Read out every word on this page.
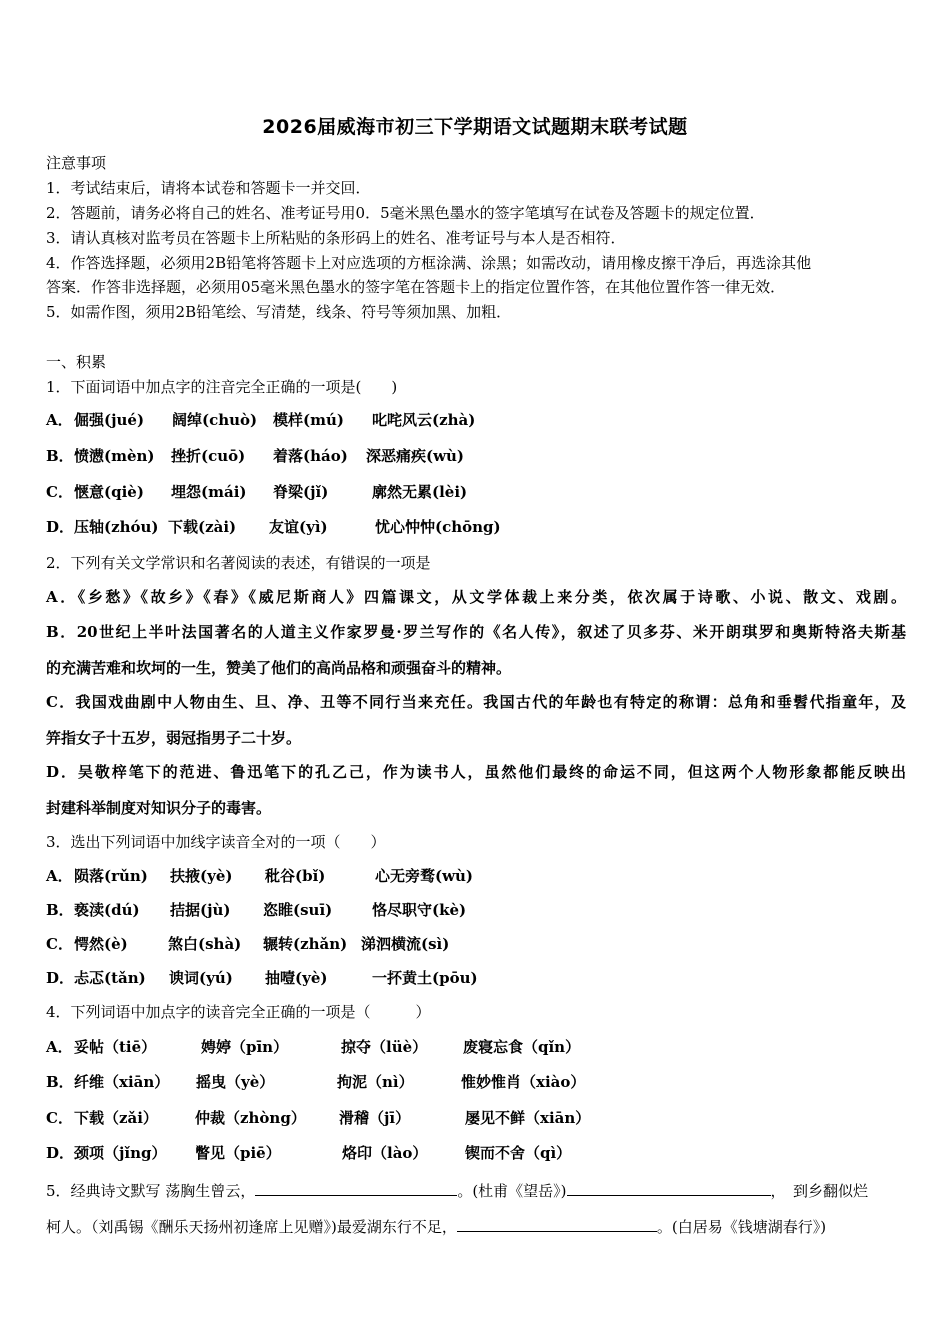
2026届威海市初三下学期语文试题期末联考试题
注意事项
1．考试结束后，请将本试卷和答题卡一并交回．
2．答题前，请务必将自己的姓名、准考证号用0．5毫米黑色墨水的签字笔填写在试卷及答题卡的规定位置．
3．请认真核对监考员在答题卡上所粘贴的条形码上的姓名、准考证号与本人是否相符．
4．作答选择题，必须用2B铅笔将答题卡上对应选项的方框涂满、涂黑；如需改动，请用橡皮擦干净后，再选涂其他
答案．作答非选择题，必须用05毫米黑色墨水的签字笔在答题卡上的指定位置作答，在其他位置作答一律无效．
5．如需作图，须用2B铅笔绘、写清楚，线条、符号等须加黑、加粗．
一、积累
1．下面词语中加点字的注音完全正确的一项是(　　)
A．倔强(jué) 阔绰(chuò) 模样(mú) 叱咤风云(zhà)
B．愤懑(mèn) 挫折(cuō) 着落(háo) 深恶痛疾(wù)
C．惬意(qiè) 埋怨(mái) 脊梁(jǐ)	廓然无累(lèi)
D．压轴(zhóu) 下载(zài) 友谊(yì)	忧心忡忡(chōng)
2．下列有关文学常识和名著阅读的表述，有错误的一项是
A．《乡愁》《故乡》《春》《威尼斯商人》四篇课文，从文学体裁上来分类，依次属于诗歌、小说、散文、戏剧。
B．20世纪上半叶法国著名的人道主义作家罗曼·罗兰写作的《名人传》，叙述了贝多芬、米开朗琪罗和奥斯特洛夫斯基
的充满苦难和坎坷的一生，赞美了他们的高尚品格和顽强奋斗的精神。
C．我国戏曲剧中人物由生、旦、净、丑等不同行当来充任。我国古代的年龄也有特定的称谓：总角和垂髫代指童年，及
笄指女子十五岁，弱冠指男子二十岁。
D．吴敬梓笔下的范进、鲁迅笔下的孔乙己，作为读书人，虽然他们最终的命运不同，但这两个人物形象都能反映出
封建科举制度对知识分子的毒害。
3．选出下列词语中加线字读音全对的一项（　　）
A．陨落(rǔn) 扶掖(yè) 秕谷(bǐ)	心无旁骛(wù)
B．亵渎(dú) 拮据(jù) 恣睢(suī)	恪尽职守(kè)
C．愕然(è)	煞白(shà) 辗转(zhǎn) 涕泗横流(sì)
D．忐忑(tǎn) 谀词(yú) 抽噎(yè)	一抔黄土(pōu)
4．下列词语中加点字的读音完全正确的一项是（　　　）
A．妥帖（tiē）	娉婷（pīn）	掠夺（lüè） 废寝忘食（qǐn）
B．纤维（xiān） 摇曳（yè）	拘泥（nì）	惟妙惟肖（xiào）
C．下载（zǎi） 仲裁（zhòng） 滑稽（jī）	屡见不鲜（xiān）
D．颈项（jǐng） 瞥见（piē）	烙印（lào）	锲而不舍（qì）
5．经典诗文默写 荡胸生曾云，	。(杜甫《望岳》)	，　到乡翻似烂
柯人。（刘禹锡《酬乐天扬州初逢席上见赠》)最爱湖东行不足，	。(白居易《钱塘湖春行》)
